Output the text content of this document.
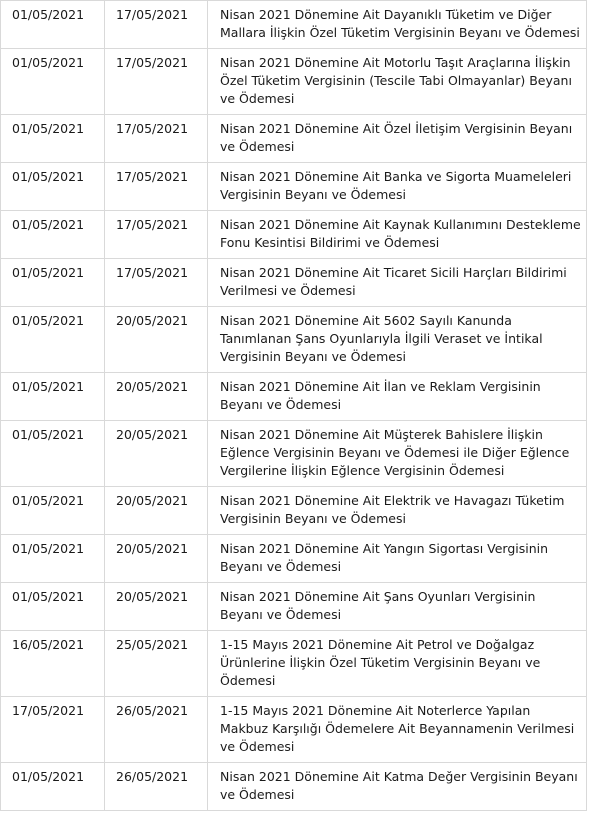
01/05/2021	17/05/2021	Nisan 2021 Dönemine Ait Dayanıklı Tüketim ve Diğer Mallara İlişkin Özel Tüketim Vergisinin Beyanı ve Ödemesi
01/05/2021	17/05/2021	Nisan 2021 Dönemine Ait Motorlu Taşıt Araçlarına İlişkin Özel Tüketim Vergisinin (Tescile Tabi Olmayanlar) Beyanı ve Ödemesi
01/05/2021	17/05/2021	Nisan 2021 Dönemine Ait Özel İletişim Vergisinin Beyanı ve Ödemesi
01/05/2021	17/05/2021	Nisan 2021 Dönemine Ait Banka ve Sigorta Muameleleri Vergisinin Beyanı ve Ödemesi
01/05/2021	17/05/2021	Nisan 2021 Dönemine Ait Kaynak Kullanımını Destekleme Fonu Kesintisi Bildirimi ve Ödemesi
01/05/2021	17/05/2021	Nisan 2021 Dönemine Ait Ticaret Sicili Harçları Bildirimi Verilmesi ve Ödemesi
01/05/2021	20/05/2021	Nisan 2021 Dönemine Ait 5602 Sayılı Kanunda Tanımlanan Şans Oyunlarıyla İlgili Veraset ve İntikal Vergisinin Beyanı ve Ödemesi
01/05/2021	20/05/2021	Nisan 2021 Dönemine Ait İlan ve Reklam Vergisinin Beyanı ve Ödemesi
01/05/2021	20/05/2021	Nisan 2021 Dönemine Ait Müşterek Bahislere İlişkin Eğlence Vergisinin Beyanı ve Ödemesi ile Diğer Eğlence Vergilerine İlişkin Eğlence Vergisinin Ödemesi
01/05/2021	20/05/2021	Nisan 2021 Dönemine Ait Elektrik ve Havagazı Tüketim Vergisinin Beyanı ve Ödemesi
01/05/2021	20/05/2021	Nisan 2021 Dönemine Ait Yangın Sigortası Vergisinin Beyanı ve Ödemesi
01/05/2021	20/05/2021	Nisan 2021 Dönemine Ait Şans Oyunları Vergisinin Beyanı ve Ödemesi
16/05/2021	25/05/2021	1-15 Mayıs 2021 Dönemine Ait Petrol ve Doğalgaz Ürünlerine İlişkin Özel Tüketim Vergisinin Beyanı ve Ödemesi
17/05/2021	26/05/2021	1-15 Mayıs 2021 Dönemine Ait Noterlerce Yapılan Makbuz Karşılığı Ödemelere Ait Beyannamenin Verilmesi ve Ödemesi
01/05/2021	26/05/2021	Nisan 2021 Dönemine Ait Katma Değer Vergisinin Beyanı ve Ödemesi
